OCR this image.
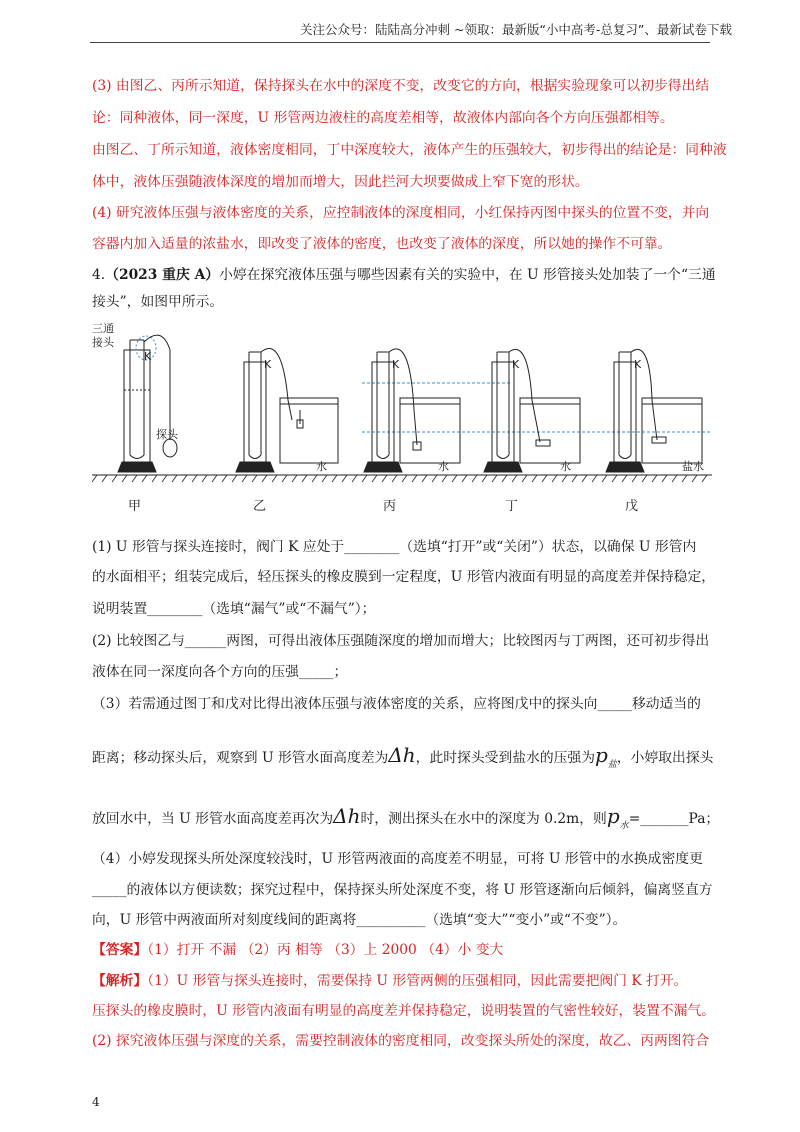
关注公众号：陆陆高分冲刺 ~领取：最新版“小中高考-总复习”、最新试卷下载
(3) 由图乙、丙所示知道，保持探头在水中的深度不变，改变它的方向，根据实验现象可以初步得出结
论：同种液体，同一深度，U 形管两边液柱的高度差相等，故液体内部向各个方向压强都相等。
由图乙、丁所示知道，液体密度相同，丁中深度较大，液体产生的压强较大，初步得出的结论是：同种液
体中，液体压强随液体深度的增加而增大，因此拦河大坝要做成上窄下宽的形状。
(4) 研究液体压强与液体密度的关系，应控制液体的深度相同，小红保持丙图中探头的位置不变，并向
容器内加入适量的浓盐水，即改变了液体的密度，也改变了液体的深度，所以她的操作不可靠。
4.（2023 重庆 A）小婷在探究液体压强与哪些因素有关的实验中，在 U 形管接头处加装了一个“三通
接头”，如图甲所示。
三通
接头
K
探头
K
水
K
水
K
水
K
盐水
甲	乙	丙	丁	戊
(1) U 形管与探头连接时，阀门 K 应处于________（选填“打开”或“关闭”）状态，以确保 U 形管内
的水面相平；组装完成后，轻压探头的橡皮膜到一定程度，U 形管内液面有明显的高度差并保持稳定，
说明装置________（选填“漏气”或“不漏气”）；
(2) 比较图乙与______两图，可得出液体压强随深度的增加而增大；比较图丙与丁两图，还可初步得出
液体在同一深度向各个方向的压强_____；
（3）若需通过图丁和戊对比得出液体压强与液体密度的关系，应将图戊中的探头向_____移动适当的
距离；移动探头后，观察到 U 形管水面高度差为Δh，此时探头受到盐水的压强为$p_盐$，小婷取出探头
放回水中，当 U 形管水面高度差再次为Δh时，测出探头在水中的深度为 0.2m，则$p_水=\_\_\_\_\_\_\_Pa$；
（4）小婷发现探头所处深度较浅时，U 形管两液面的高度差不明显，可将 U 形管中的水换成密度更
_____的液体以方便读数；探究过程中，保持探头所处深度不变，将 U 形管逐渐向后倾斜，偏离竖直方
向，U 形管中两液面所对刻度线间的距离将__________（选填“变大”“变小”或“不变”）。
【答案】（1）打开 不漏 （2）丙 相等 （3）上 2000 （4）小 变大
【解析】（1）U 形管与探头连接时，需要保持 U 形管两侧的压强相同，因此需要把阀门 K 打开。
压探头的橡皮膜时，U 形管内液面有明显的高度差并保持稳定，说明装置的气密性较好，装置不漏气。
(2) 探究液体压强与深度的关系，需要控制液体的密度相同，改变探头所处的深度，故乙、丙两图符合
4
